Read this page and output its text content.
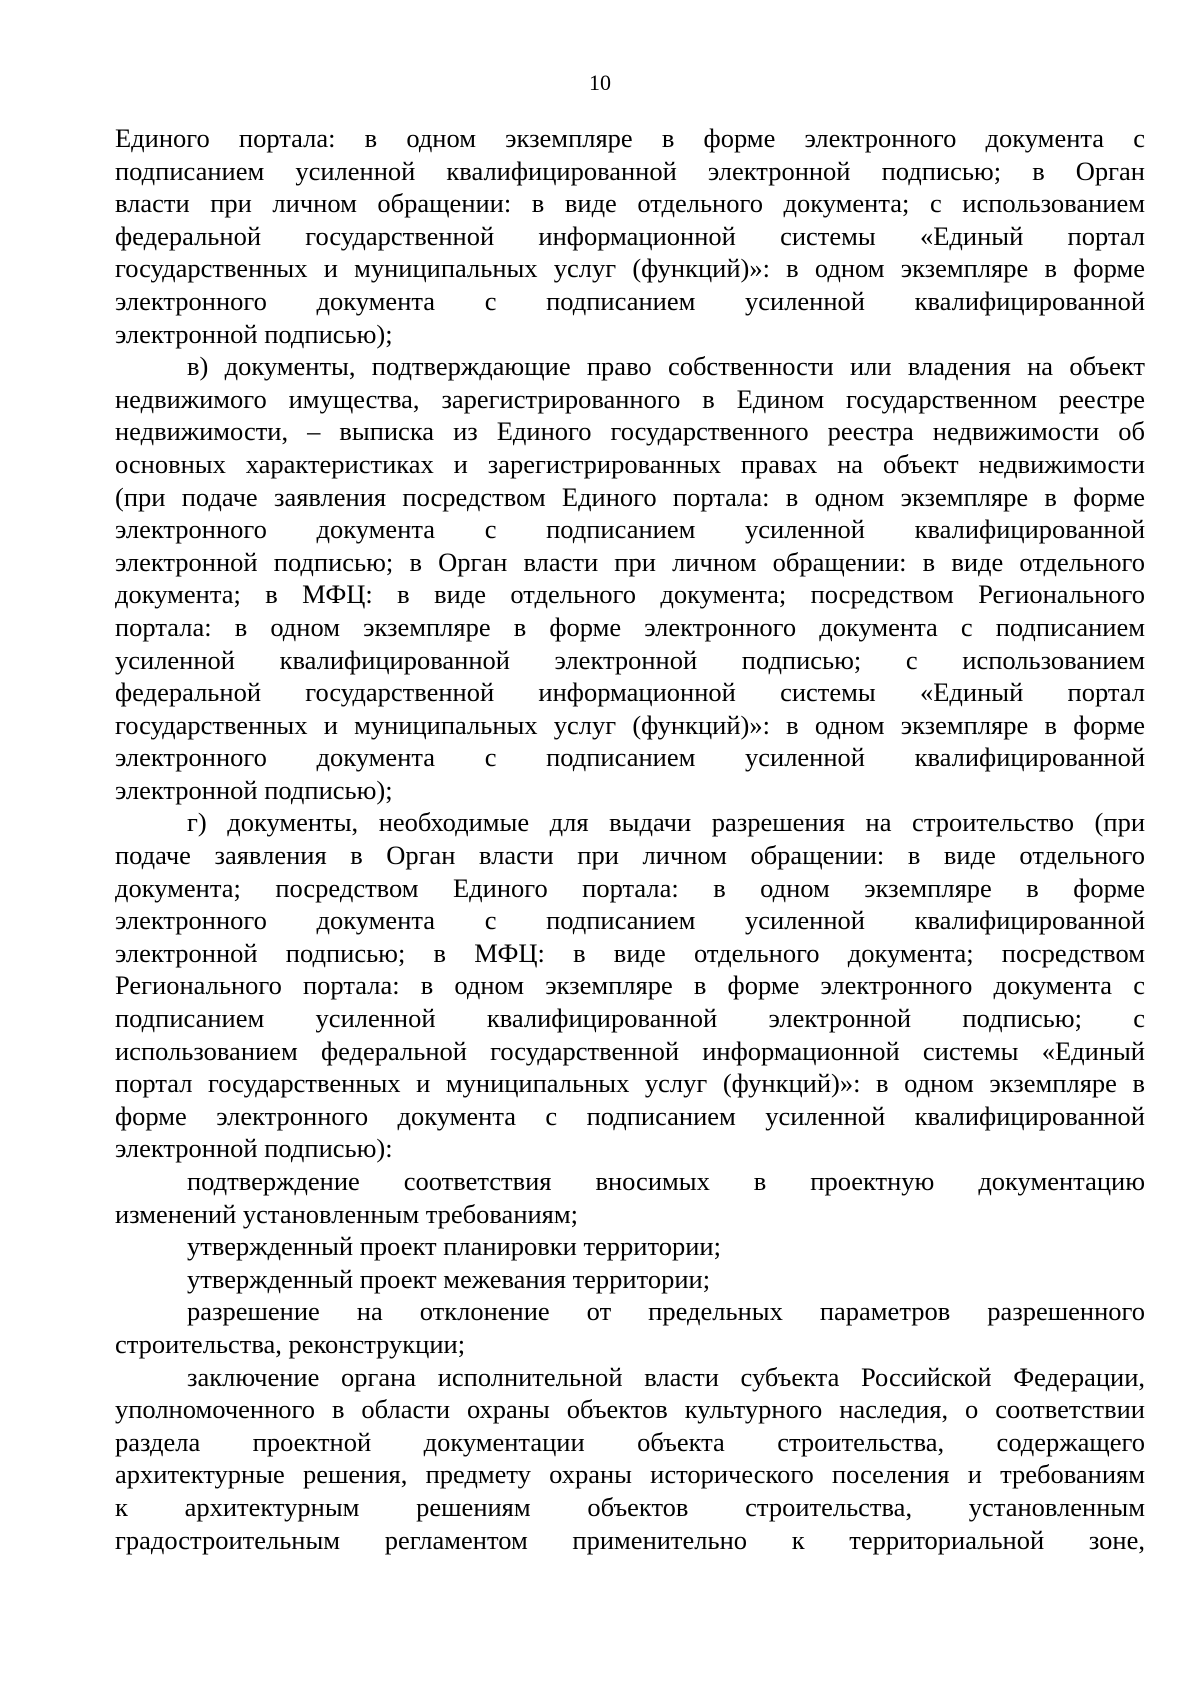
10
Единого портала: в одном экземпляре в форме электронного документа с
подписанием усиленной квалифицированной электронной подписью; в Орган
власти при личном обращении: в виде отдельного документа; с использованием
федеральной государственной информационной системы «Единый портал
государственных и муниципальных услуг (функций)»: в одном экземпляре в форме
электронного документа с подписанием усиленной квалифицированной
электронной подписью);
в) документы, подтверждающие право собственности или владения на объект
недвижимого имущества, зарегистрированного в Едином государственном реестре
недвижимости, – выписка из Единого государственного реестра недвижимости об
основных характеристиках и зарегистрированных правах на объект недвижимости
(при подаче заявления посредством Единого портала: в одном экземпляре в форме
электронного документа с подписанием усиленной квалифицированной
электронной подписью; в Орган власти при личном обращении: в виде отдельного
документа; в МФЦ: в виде отдельного документа; посредством Регионального
портала: в одном экземпляре в форме электронного документа с подписанием
усиленной квалифицированной электронной подписью; с использованием
федеральной государственной информационной системы «Единый портал
государственных и муниципальных услуг (функций)»: в одном экземпляре в форме
электронного документа с подписанием усиленной квалифицированной
электронной подписью);
г) документы, необходимые для выдачи разрешения на строительство (при
подаче заявления в Орган власти при личном обращении: в виде отдельного
документа; посредством Единого портала: в одном экземпляре в форме
электронного документа с подписанием усиленной квалифицированной
электронной подписью; в МФЦ: в виде отдельного документа; посредством
Регионального портала: в одном экземпляре в форме электронного документа с
подписанием усиленной квалифицированной электронной подписью; с
использованием федеральной государственной информационной системы «Единый
портал государственных и муниципальных услуг (функций)»: в одном экземпляре в
форме электронного документа с подписанием усиленной квалифицированной
электронной подписью):
подтверждение соответствия вносимых в проектную документацию
изменений установленным требованиям;
утвержденный проект планировки территории;
утвержденный проект межевания территории;
разрешение на отклонение от предельных параметров разрешенного
строительства, реконструкции;
заключение органа исполнительной власти субъекта Российской Федерации,
уполномоченного в области охраны объектов культурного наследия, о соответствии
раздела проектной документации объекта строительства, содержащего
архитектурные решения, предмету охраны исторического поселения и требованиям
к архитектурным решениям объектов строительства, установленным
градостроительным регламентом применительно к территориальной зоне,
